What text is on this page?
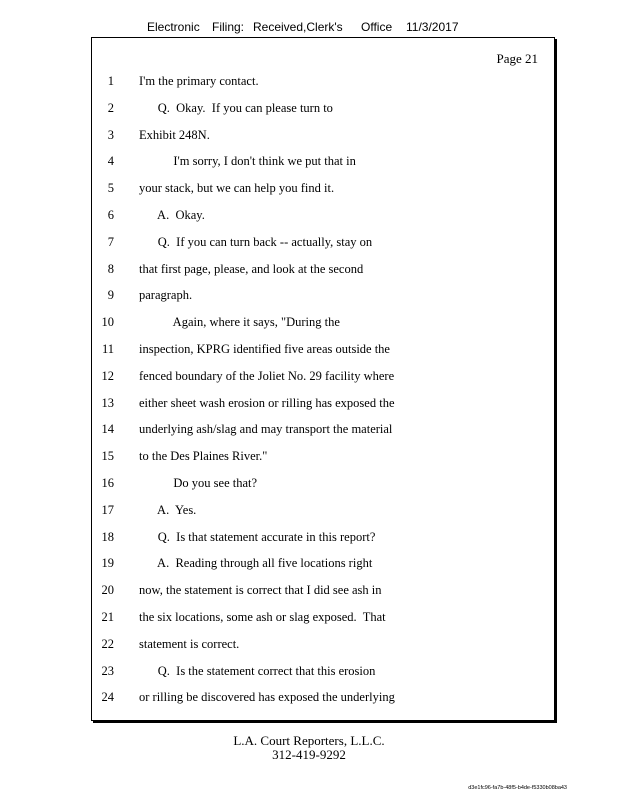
Electronic Filing: Received,Clerk's Office 11/3/2017
Page 21
1 I'm the primary contact.
2 Q.  Okay.  If you can please turn to
3 Exhibit 248N.
4 I'm sorry, I don't think we put that in
5 your stack, but we can help you find it.
6 A.  Okay.
7 Q.  If you can turn back -- actually, stay on
8 that first page, please, and look at the second
9 paragraph.
10 Again, where it says, "During the
11 inspection, KPRG identified five areas outside the
12 fenced boundary of the Joliet No. 29 facility where
13 either sheet wash erosion or rilling has exposed the
14 underlying ash/slag and may transport the material
15 to the Des Plaines River."
16 Do you see that?
17 A.  Yes.
18 Q.  Is that statement accurate in this report?
19 A.  Reading through all five locations right
20 now, the statement is correct that I did see ash in
21 the six locations, some ash or slag exposed.  That
22 statement is correct.
23 Q.  Is the statement correct that this erosion
24 or rilling be discovered has exposed the underlying
L.A. Court Reporters, L.L.C.
312-419-9292
d3e1fc96-fa7b-48f5-b4de-f5330b08ba43
